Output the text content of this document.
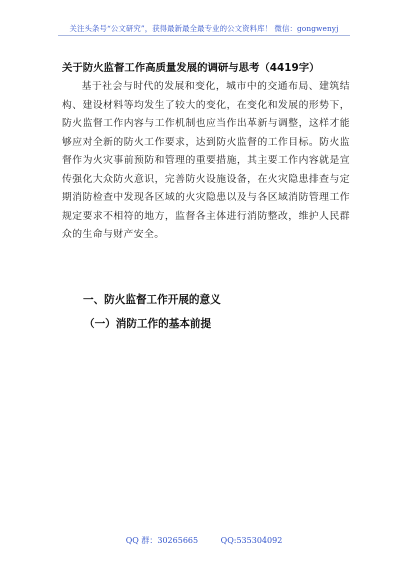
关注头条号“公文研究”，获得最新最全最专业的公文资料库！ 微信：gongwenyj
关于防火监督工作高质量发展的调研与思考（4419字）

基于社会与时代的发展和变化，城市中的交通布局、建筑结构、建设材料等均发生了较大的变化，在变化和发展的形势下，防火监督工作内容与工作机制也应当作出革新与调整，这样才能够应对全新的防火工作要求，达到防火监督的工作目标。防火监督作为火灾事前预防和管理的重要措施，其主要工作内容就是宣传强化大众防火意识，完善防火设施设备，在火灾隐患排查与定期消防检查中发现各区域的火灾隐患以及与各区域消防管理工作规定要求不相符的地方，监督各主体进行消防整改，维护人民群众的生命与财产安全。

一、防火监督工作开展的意义
（一）消防工作的基本前提
QQ 群：30265665	QQ:535304092
